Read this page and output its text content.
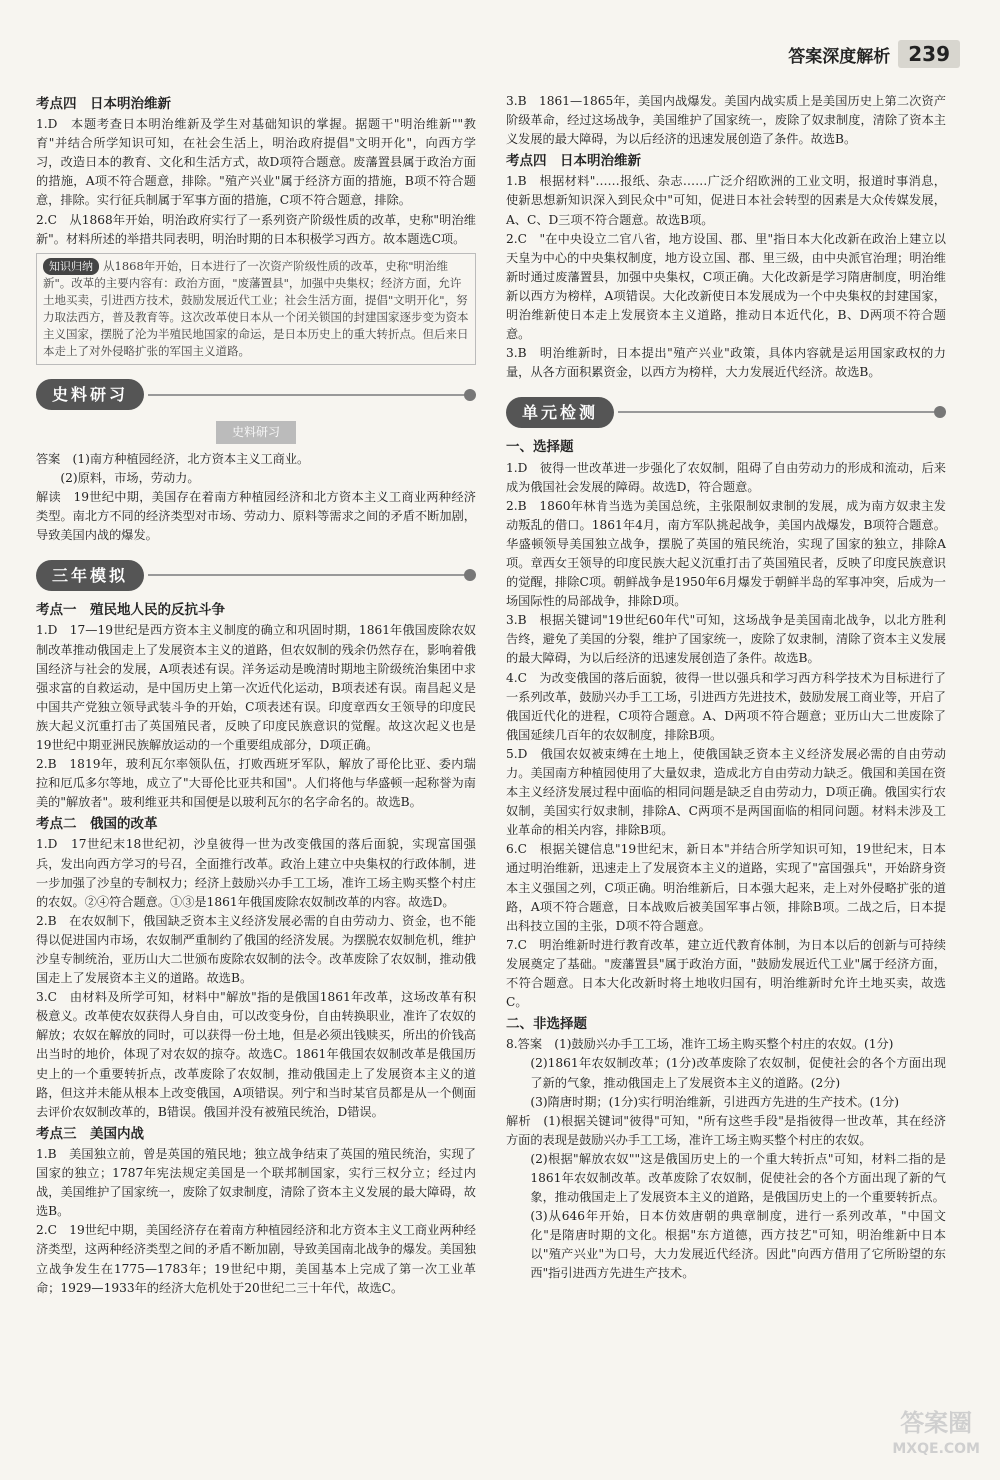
答案深度解析 239
考点四　日本明治维新

1.D　本题考查日本明治维新及学生对基础知识的掌握。据题干"明治维新""教育"并结合所学知识可知，在社会生活上，明治政府提倡"文明开化"，向西方学习，改造日本的教育、文化和生活方式，故D项符合题意。废藩置县属于政治方面的措施，A项不符合题意，排除。"殖产兴业"属于经济方面的措施，B项不符合题意，排除。实行征兵制属于军事方面的措施，C项不符合题意，排除。

2.C　从1868年开始，明治政府实行了一系列资产阶级性质的改革，史称"明治维新"。材料所述的举措共同表明，明治时期的日本积极学习西方。故本题选C项。

知识归纳 从1868年开始，日本进行了一次资产阶级性质的改革，史称"明治维新"。改革的主要内容有：政治方面，"废藩置县"，加强中央集权；经济方面，允许土地买卖，引进西方技术，鼓励发展近代工业；社会生活方面，提倡"文明开化"，努力取法西方，普及教育等。这次改革使日本从一个闭关锁国的封建国家逐步变为资本主义国家，摆脱了沦为半殖民地国家的命运，是日本历史上的重大转折点。但后来日本走上了对外侵略扩张的军国主义道路。
史料研习
史料研习

答案　(1)南方种植园经济，北方资本主义工商业。

(2)原料，市场，劳动力。

解读　19世纪中期，美国存在着南方种植园经济和北方资本主义工商业两种经济类型。南北方不同的经济类型对市场、劳动力、原料等需求之间的矛盾不断加剧，导致美国内战的爆发。

三年模拟
考点一　殖民地人民的反抗斗争

1.D　17—19世纪是西方资本主义制度的确立和巩固时期，1861年俄国废除农奴制改革推动俄国走上了发展资本主义的道路，但农奴制的残余仍然存在，影响着俄国经济与社会的发展，A项表述有误。洋务运动是晚清时期地主阶级统治集团中求强求富的自救运动，是中国历史上第一次近代化运动，B项表述有误。南昌起义是中国共产党独立领导武装斗争的开始，C项表述有误。印度章西女王领导的印度民族大起义沉重打击了英国殖民者，反映了印度民族意识的觉醒。故这次起义也是19世纪中期亚洲民族解放运动的一个重要组成部分，D项正确。

2.B　1819年，玻利瓦尔率领队伍，打败西班牙军队，解放了哥伦比亚、委内瑞拉和厄瓜多尔等地，成立了"大哥伦比亚共和国"。人们将他与华盛顿一起称誉为南美的"解放者"。玻利维亚共和国便是以玻利瓦尔的名字命名的。故选B。

考点二　俄国的改革

1.D　17世纪末18世纪初，沙皇彼得一世为改变俄国的落后面貌，实现富国强兵，发出向西方学习的号召，全面推行改革。政治上建立中央集权的行政体制，进一步加强了沙皇的专制权力；经济上鼓励兴办手工工场，准许工场主购买整个村庄的农奴。②④符合题意。①③是1861年俄国废除农奴制改革的内容。故选D。

2.B　在农奴制下，俄国缺乏资本主义经济发展必需的自由劳动力、资金，也不能得以促进国内市场，农奴制严重制约了俄国的经济发展。为摆脱农奴制危机，维护沙皇专制统治，亚历山大二世颁布废除农奴制的法令。改革废除了农奴制，推动俄国走上了发展资本主义的道路。故选B。

3.C　由材料及所学可知，材料中"解放"指的是俄国1861年改革，这场改革有积极意义。改革使农奴获得人身自由，可以改变身份，自由转换职业，准许了农奴的解放；农奴在解放的同时，可以获得一份土地，但是必须出钱赎买，所出的价钱高出当时的地价，体现了对农奴的掠夺。故选C。1861年俄国农奴制改革是俄国历史上的一个重要转折点，改革废除了农奴制，推动俄国走上了发展资本主义的道路，但这并未能从根本上改变俄国，A项错误。列宁和当时某官员都是从一个侧面去评价农奴制改革的，B错误。俄国并没有被殖民统治，D错误。

考点三　美国内战

1.B　美国独立前，曾是英国的殖民地；独立战争结束了英国的殖民统治，实现了国家的独立；1787年宪法规定美国是一个联邦制国家，实行三权分立；经过内战，美国维护了国家统一，废除了奴隶制度，清除了资本主义发展的最大障碍，故选B。

2.C　19世纪中期，美国经济存在着南方种植园经济和北方资本主义工商业两种经济类型，这两种经济类型之间的矛盾不断加剧，导致美国南北战争的爆发。美国独立战争发生在1775—1783年；19世纪中期，美国基本上完成了第一次工业革命；1929—1933年的经济大危机处于20世纪二三十年代，故选C。

3.B　1861—1865年，美国内战爆发。美国内战实质上是美国历史上第二次资产阶级革命，经过这场战争，美国维护了国家统一，废除了奴隶制度，清除了资本主义发展的最大障碍，为以后经济的迅速发展创造了条件。故选B。

考点四　日本明治维新

1.B　根据材料"……报纸、杂志……广泛介绍欧洲的工业文明，报道时事消息，使新思想新知识深入到民众中"可知，促进日本社会转型的因素是大众传媒发展，A、C、D三项不符合题意。故选B项。

2.C　"在中央设立二官八省，地方设国、郡、里"指日本大化改新在政治上建立以天皇为中心的中央集权制度，地方设立国、郡、里三级，由中央派官治理；明治维新时通过废藩置县，加强中央集权，C项正确。大化改新是学习隋唐制度，明治维新以西方为榜样，A项错误。大化改新使日本发展成为一个中央集权的封建国家，明治维新使日本走上发展资本主义道路，推动日本近代化，B、D两项不符合题意。

3.B　明治维新时，日本提出"殖产兴业"政策，具体内容就是运用国家政权的力量，从各方面积累资金，以西方为榜样，大力发展近代经济。故选B。

单元检测
一、选择题

1.D　彼得一世改革进一步强化了农奴制，阻碍了自由劳动力的形成和流动，后来成为俄国社会发展的障碍。故选D，符合题意。

2.B　1860年林肯当选为美国总统，主张限制奴隶制的发展，成为南方奴隶主发动叛乱的借口。1861年4月，南方军队挑起战争，美国内战爆发，B项符合题意。华盛顿领导美国独立战争，摆脱了英国的殖民统治，实现了国家的独立，排除A项。章西女王领导的印度民族大起义沉重打击了英国殖民者，反映了印度民族意识的觉醒，排除C项。朝鲜战争是1950年6月爆发于朝鲜半岛的军事冲突，后成为一场国际性的局部战争，排除D项。

3.B　根据关键词"19世纪60年代"可知，这场战争是美国南北战争，以北方胜利告终，避免了美国的分裂，维护了国家统一，废除了奴隶制，清除了资本主义发展的最大障碍，为以后经济的迅速发展创造了条件。故选B。

4.C　为改变俄国的落后面貌，彼得一世以强兵和学习西方科学技术为目标进行了一系列改革，鼓励兴办手工工场，引进西方先进技术，鼓励发展工商业等，开启了俄国近代化的进程，C项符合题意。A、D两项不符合题意；亚历山大二世废除了俄国延续几百年的农奴制度，排除B项。

5.D　俄国农奴被束缚在土地上，使俄国缺乏资本主义经济发展必需的自由劳动力。美国南方种植园使用了大量奴隶，造成北方自由劳动力缺乏。俄国和美国在资本主义经济发展过程中面临的相同问题是缺乏自由劳动力，D项正确。俄国实行农奴制，美国实行奴隶制，排除A、C两项不是两国面临的相同问题。材料未涉及工业革命的相关内容，排除B项。

6.C　根据关键信息"19世纪末，新日本"并结合所学知识可知，19世纪末，日本通过明治维新，迅速走上了发展资本主义的道路，实现了"富国强兵"，开始跻身资本主义强国之列，C项正确。明治维新后，日本强大起来，走上对外侵略扩张的道路，A项不符合题意，日本战败后被美国军事占领，排除B项。二战之后，日本提出科技立国的主张，D项不符合题意。

7.C　明治维新时进行教育改革，建立近代教育体制，为日本以后的创新与可持续发展奠定了基础。"废藩置县"属于政治方面，"鼓励发展近代工业"属于经济方面，不符合题意。日本大化改新时将土地收归国有，明治维新时允许土地买卖，故选C。

二、非选择题

8.答案　(1)鼓励兴办手工工场，准许工场主购买整个村庄的农奴。(1分)

(2)1861年农奴制改革；(1分)改革废除了农奴制，促使社会的各个方面出现了新的气象，推动俄国走上了发展资本主义的道路。(2分)

(3)隋唐时期；(1分)实行明治维新，引进西方先进的生产技术。(1分)

解析　(1)根据关键词"彼得"可知，"所有这些手段"是指彼得一世改革，其在经济方面的表现是鼓励兴办手工工场，准许工场主购买整个村庄的农奴。

(2)根据"解放农奴""这是俄国历史上的一个重大转折点"可知，材料二指的是1861年农奴制改革。改革废除了农奴制，促使社会的各个方面出现了新的气象，推动俄国走上了发展资本主义的道路，是俄国历史上的一个重要转折点。

(3)从646年开始，日本仿效唐朝的典章制度，进行一系列改革，"中国文化"是隋唐时期的文化。根据"东方道德，西方技艺"可知，明治维新中日本以"殖产兴业"为口号，大力发展近代经济。因此"向西方借用了它所盼望的东西"指引进西方先进生产技术。

答案圈
MXQE.COM
